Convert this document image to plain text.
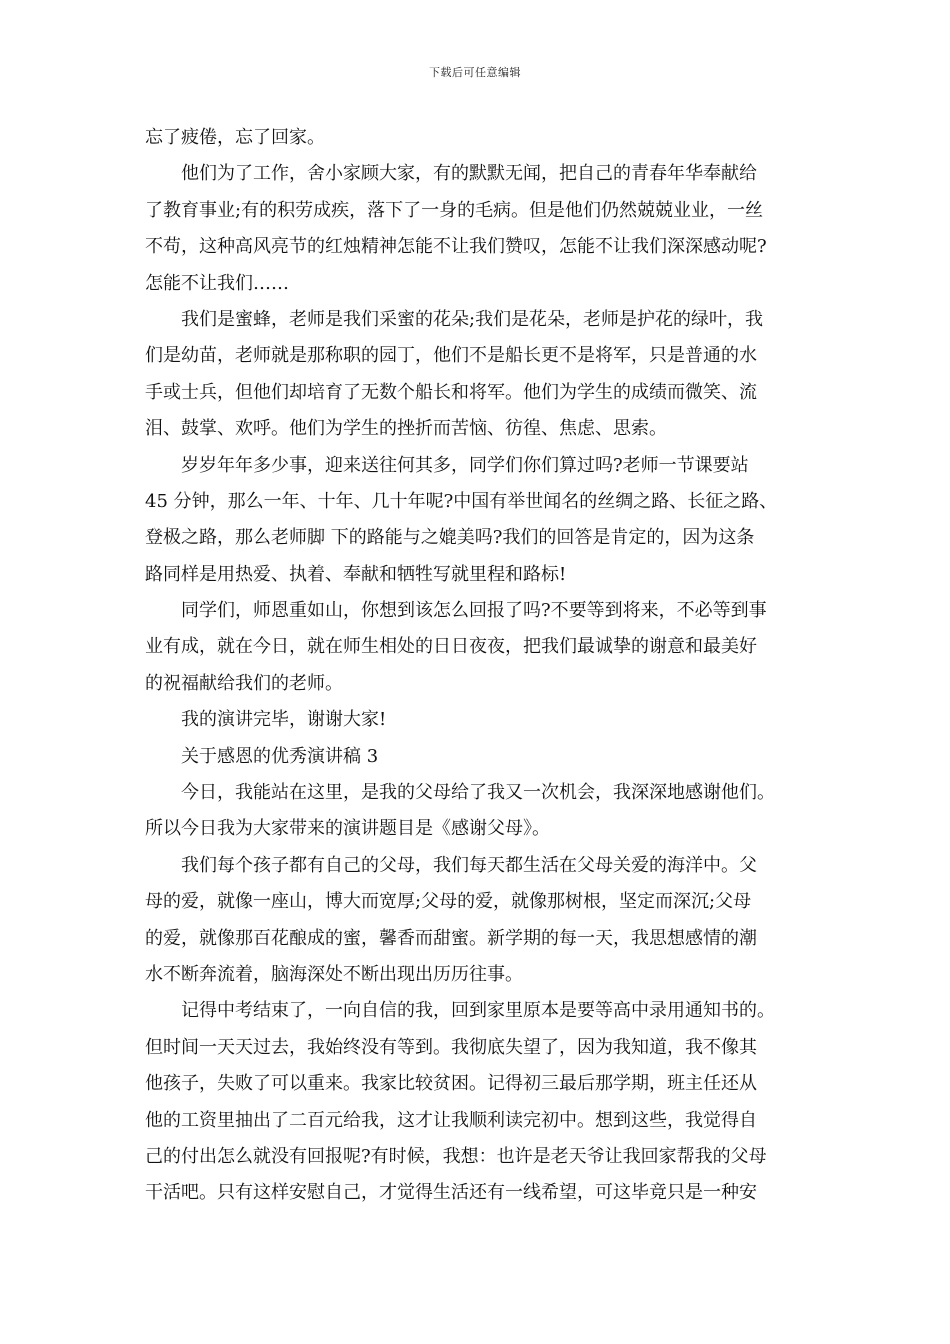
下载后可任意编辑
忘了疲倦，忘了回家。
他们为了工作，舍小家顾大家，有的默默无闻，把自己的青春年华奉献给
了教育事业;有的积劳成疾，落下了一身的毛病。但是他们仍然兢兢业业，一丝
不苟，这种高风亮节的红烛精神怎能不让我们赞叹，怎能不让我们深深感动呢?
怎能不让我们……
我们是蜜蜂，老师是我们采蜜的花朵;我们是花朵，老师是护花的绿叶，我
们是幼苗，老师就是那称职的园丁，他们不是船长更不是将军，只是普通的水
手或士兵，但他们却培育了无数个船长和将军。他们为学生的成绩而微笑、流
泪、鼓掌、欢呼。他们为学生的挫折而苦恼、彷徨、焦虑、思索。
岁岁年年多少事，迎来送往何其多，同学们你们算过吗?老师一节课要站
45 分钟，那么一年、十年、几十年呢?中国有举世闻名的丝绸之路、长征之路、
登极之路，那么老师脚 下的路能与之媲美吗?我们的回答是肯定的，因为这条
路同样是用热爱、执着、奉献和牺牲写就里程和路标!
同学们，师恩重如山，你想到该怎么回报了吗?不要等到将来，不必等到事
业有成，就在今日，就在师生相处的日日夜夜，把我们最诚挚的谢意和最美好
的祝福献给我们的老师。
我的演讲完毕，谢谢大家!
关于感恩的优秀演讲稿 3
今日，我能站在这里，是我的父母给了我又一次机会，我深深地感谢他们。
所以今日我为大家带来的演讲题目是《感谢父母》。
我们每个孩子都有自己的父母，我们每天都生活在父母关爱的海洋中。父
母的爱，就像一座山，博大而宽厚;父母的爱，就像那树根，坚定而深沉;父母
的爱，就像那百花酿成的蜜，馨香而甜蜜。新学期的每一天，我思想感情的潮
水不断奔流着，脑海深处不断出现出历历往事。
记得中考结束了，一向自信的我，回到家里原本是要等高中录用通知书的。
但时间一天天过去，我始终没有等到。我彻底失望了，因为我知道，我不像其
他孩子，失败了可以重来。我家比较贫困。记得初三最后那学期，班主任还从
他的工资里抽出了二百元给我，这才让我顺利读完初中。想到这些，我觉得自
己的付出怎么就没有回报呢?有时候，我想：也许是老天爷让我回家帮我的父母
干活吧。只有这样安慰自己，才觉得生活还有一线希望，可这毕竟只是一种安
